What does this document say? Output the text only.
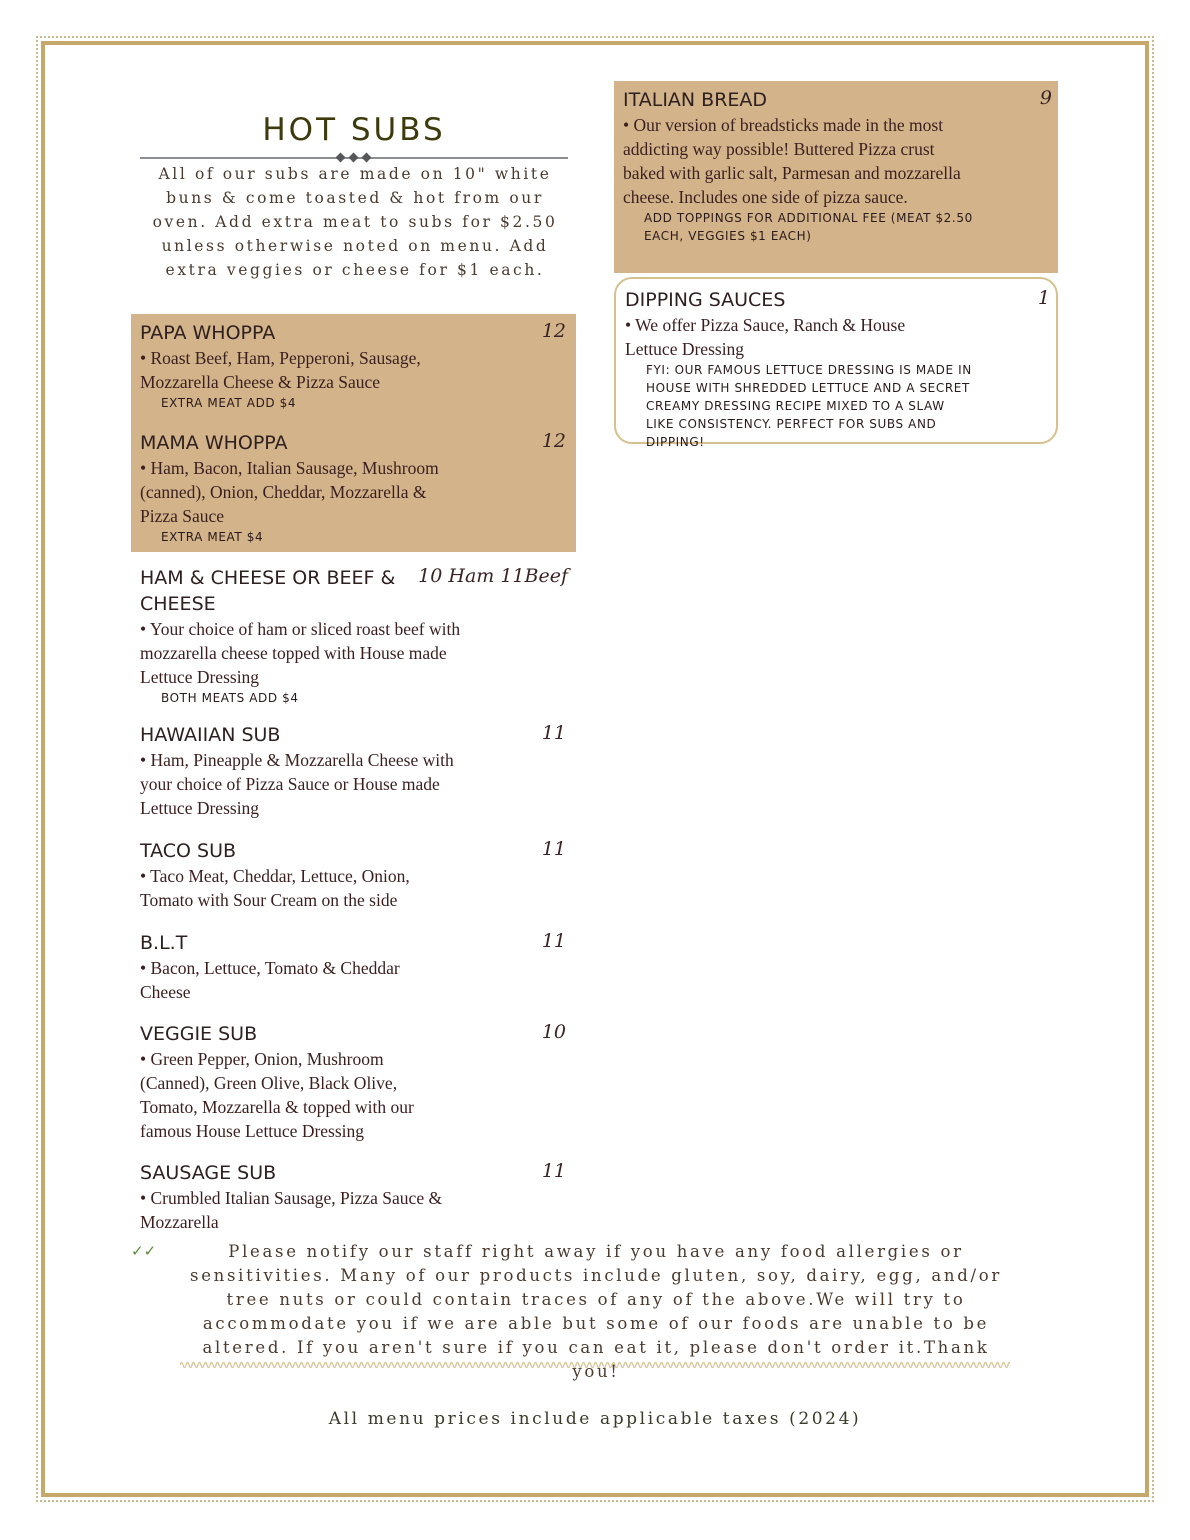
HOT SUBS
All of our subs are made on 10" white buns & come toasted & hot from our oven. Add extra meat to subs for $2.50 unless otherwise noted on menu. Add extra veggies or cheese for $1 each.
PAPA WHOPPA	12
• Roast Beef, Ham, Pepperoni, Sausage, Mozzarella Cheese & Pizza Sauce
EXTRA MEAT ADD $4
MAMA WHOPPA	12
• Ham, Bacon, Italian Sausage, Mushroom (canned), Onion, Cheddar, Mozzarella & Pizza Sauce
EXTRA MEAT $4
HAM & CHEESE OR BEEF & CHEESE
10 Ham 11Beef
• Your choice of ham or sliced roast beef with mozzarella cheese topped with House made Lettuce Dressing
BOTH MEATS ADD $4
HAWAIIAN SUB	11
• Ham, Pineapple & Mozzarella Cheese with your choice of Pizza Sauce or House made Lettuce Dressing
TACO SUB	11
• Taco Meat, Cheddar, Lettuce, Onion, Tomato with Sour Cream on the side
B.L.T	11
• Bacon, Lettuce, Tomato & Cheddar Cheese
VEGGIE SUB	10
• Green Pepper, Onion, Mushroom (Canned), Green Olive, Black Olive, Tomato, Mozzarella & topped with our famous House Lettuce Dressing
SAUSAGE SUB	11
• Crumbled Italian Sausage, Pizza Sauce & Mozzarella
ITALIAN BREAD	9
• Our version of breadsticks made in the most addicting way possible! Buttered Pizza crust baked with garlic salt, Parmesan and mozzarella cheese. Includes one side of pizza sauce.
ADD TOPPINGS FOR ADDITIONAL FEE (MEAT $2.50 EACH, VEGGIES $1 EACH)
DIPPING SAUCES	1
• We offer Pizza Sauce, Ranch & House Lettuce Dressing
FYI: OUR FAMOUS LETTUCE DRESSING IS MADE IN HOUSE WITH SHREDDED LETTUCE AND A SECRET CREAMY DRESSING RECIPE MIXED TO A SLAW LIKE CONSISTENCY. PERFECT FOR SUBS AND DIPPING!
✓✓	Please notify our staff right away if you have any food allergies or sensitivities. Many of our products include gluten, soy, dairy, egg, and/or tree nuts or could contain traces of any of the above.We will try to accommodate you if we are able but some of our foods are unable to be altered. If you aren't sure if you can eat it, please don't order it.Thank you!
All menu prices include applicable taxes (2024)
